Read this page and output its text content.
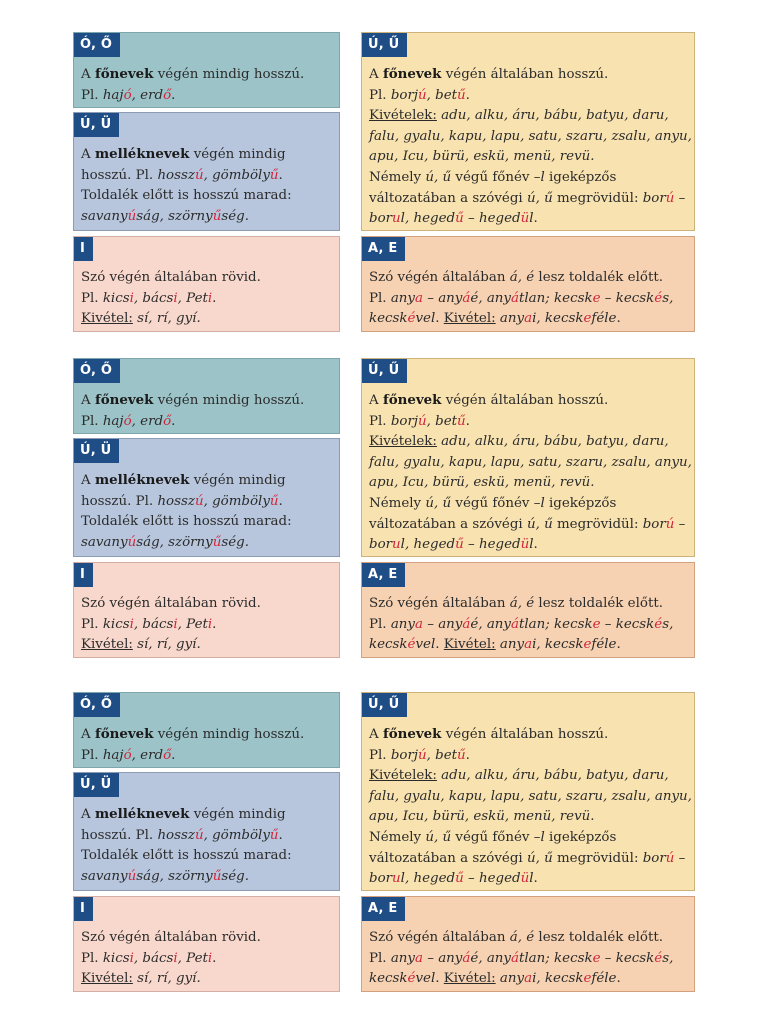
Ó, Ő
A főnevek végén mindig hosszú.
Pl. hajó, erdő.
Ú, Ű
A főnevek végén általában hosszú.
Pl. borjú, betű.
Kivételek: adu, alku, áru, bábu, batyu, daru,
falu, gyalu, kapu, lapu, satu, szaru, zsalu, anyu,
apu, Icu, bürü, eskü, menü, revü.
Némely ú, ű végű főnév –l igeképzős
változatában a szóvégi ú, ű megrövidül: ború –
borul, hegedű – hegedül.
Ú, Ü
A melléknevek végén mindig
hosszú. Pl. hosszú, gömbölyű.
Toldalék előtt is hosszú marad:
savanyúság, szörnyűség.
I
Szó végén általában rövid.
Pl. kicsi, bácsi, Peti.
Kivétel: sí, rí, gyí.
A, E
Szó végén általában á, é lesz toldalék előtt.
Pl. anya – anyáé, anyátlan; kecske – kecskés,
kecskével. Kivétel: anyai, kecskeféle.
Ó, Ő
A főnevek végén mindig hosszú.
Pl. hajó, erdő.
Ú, Ű
A főnevek végén általában hosszú.
Pl. borjú, betű.
Kivételek: adu, alku, áru, bábu, batyu, daru,
falu, gyalu, kapu, lapu, satu, szaru, zsalu, anyu,
apu, Icu, bürü, eskü, menü, revü.
Némely ú, ű végű főnév –l igeképzős
változatában a szóvégi ú, ű megrövidül: ború –
borul, hegedű – hegedül.
Ú, Ü
A melléknevek végén mindig
hosszú. Pl. hosszú, gömbölyű.
Toldalék előtt is hosszú marad:
savanyúság, szörnyűség.
I
Szó végén általában rövid.
Pl. kicsi, bácsi, Peti.
Kivétel: sí, rí, gyí.
A, E
Szó végén általában á, é lesz toldalék előtt.
Pl. anya – anyáé, anyátlan; kecske – kecskés,
kecskével. Kivétel: anyai, kecskeféle.
Ó, Ő
A főnevek végén mindig hosszú.
Pl. hajó, erdő.
Ú, Ű
A főnevek végén általában hosszú.
Pl. borjú, betű.
Kivételek: adu, alku, áru, bábu, batyu, daru,
falu, gyalu, kapu, lapu, satu, szaru, zsalu, anyu,
apu, Icu, bürü, eskü, menü, revü.
Némely ú, ű végű főnév –l igeképzős
változatában a szóvégi ú, ű megrövidül: ború –
borul, hegedű – hegedül.
Ú, Ü
A melléknevek végén mindig
hosszú. Pl. hosszú, gömbölyű.
Toldalék előtt is hosszú marad:
savanyúság, szörnyűség.
I
Szó végén általában rövid.
Pl. kicsi, bácsi, Peti.
Kivétel: sí, rí, gyí.
A, E
Szó végén általában á, é lesz toldalék előtt.
Pl. anya – anyáé, anyátlan; kecske – kecskés,
kecskével. Kivétel: anyai, kecskeféle.
